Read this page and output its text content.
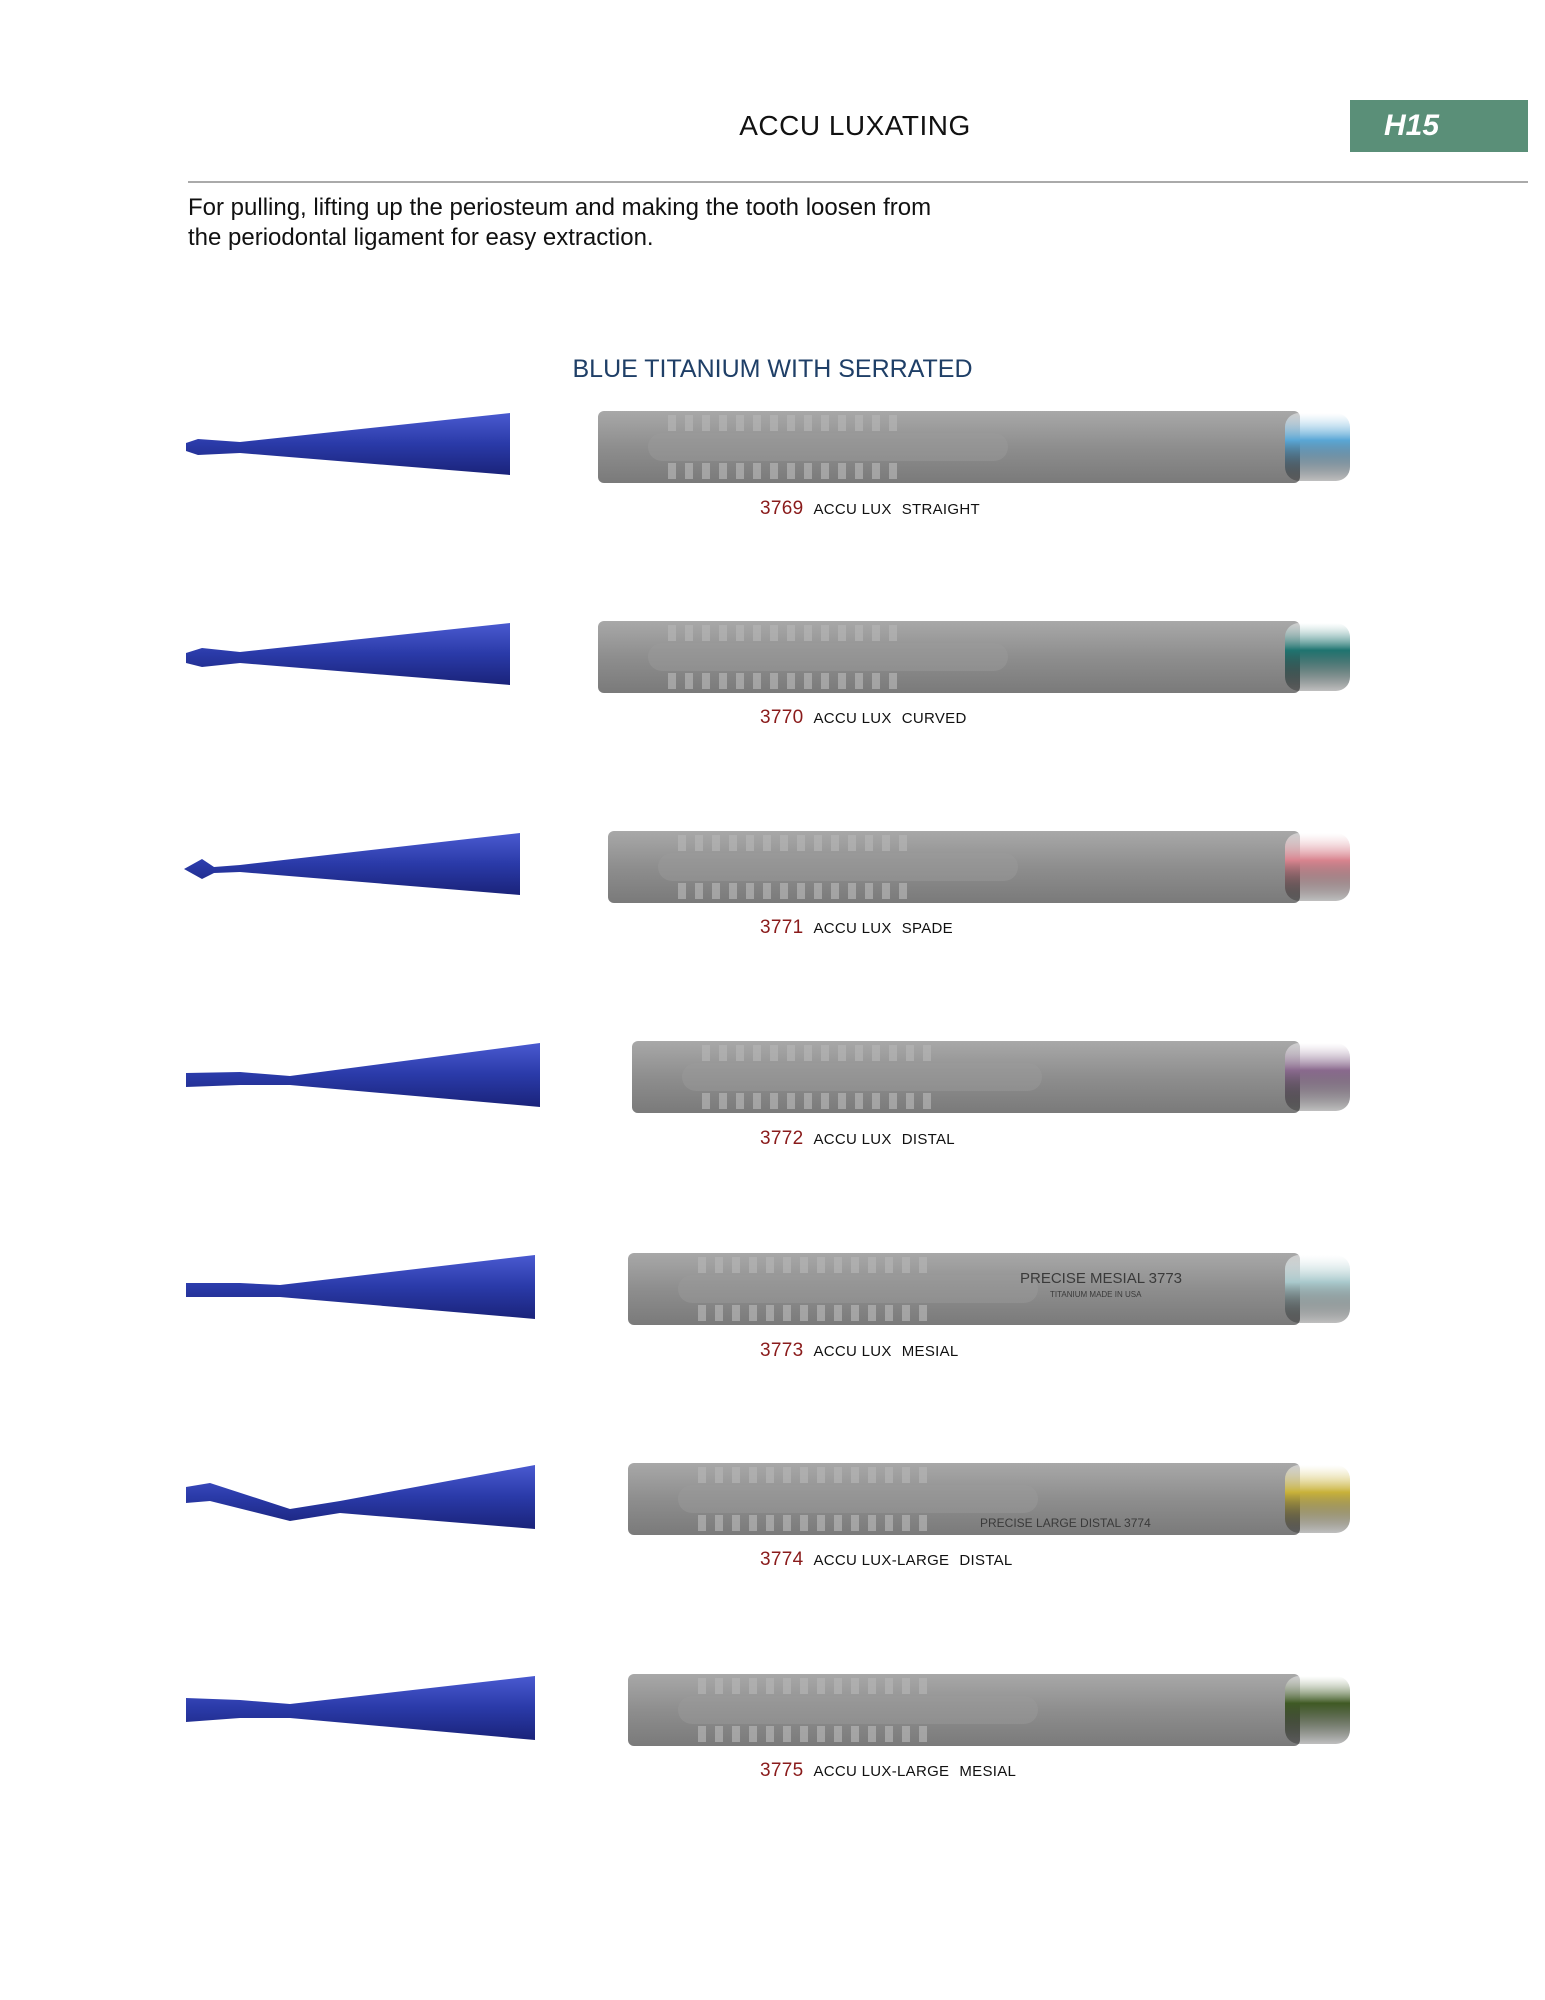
ACCU LUXATING	H15
For pulling, lifting up the periosteum and making the tooth loosen from
the periodontal ligament for easy extraction.
BLUE TITANIUM WITH SERRATED
3769 ACCU LUX STRAIGHT
3770 ACCU LUX CURVED
3771 ACCU LUX SPADE
3772 ACCU LUX DISTAL
PRECISE MESIAL 3773
TITANIUM MADE IN USA
3773 ACCU LUX MESIAL
PRECISE LARGE DISTAL 3774
3774 ACCU LUX-LARGE DISTAL
3775 ACCU LUX-LARGE MESIAL
